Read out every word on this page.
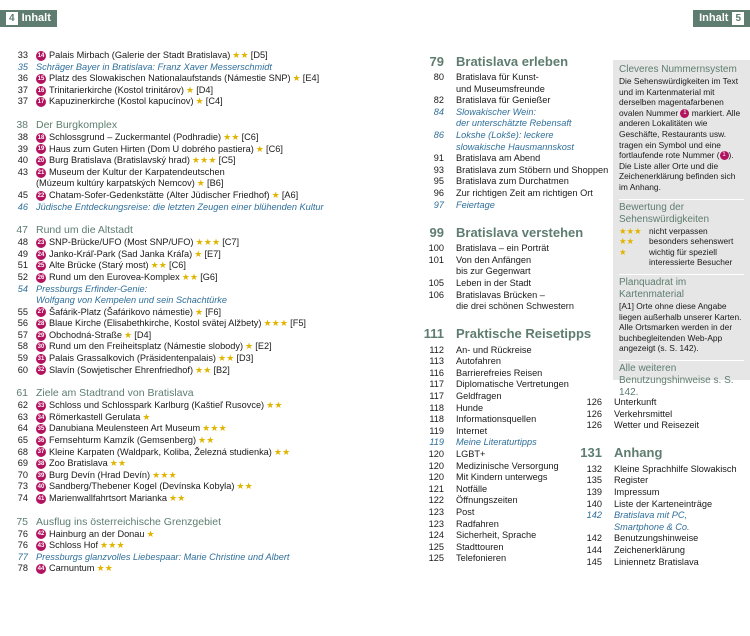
4 Inhalt	Inhalt 5
33 14 Palais Mirbach (Galerie der Stadt Bratislava) ★★ [D5]
35 Schräger Bayer in Bratislava: Franz Xaver Messerschmidt
36 15 Platz des Slowakischen Nationalaufstands (Námestie SNP) ★ [E4]
37 16 Trinitarierkirche (Kostol trinitárov) ★ [D4]
37 17 Kapuzinerkirche (Kostol kapucínov) ★ [C4]
38 Der Burgkomplex
38 18 Schlossgrund – Zuckermantel (Podhradie) ★★ [C6]
39 19 Haus zum Guten Hirten (Dom U dobrého pastiera) ★ [C6]
40 20 Burg Bratislava (Bratislavský hrad) ★★★ [C5]
43 21 Museum der Kultur der Karpatendeutschen
(Múzeum kultúry karpatských Nemcov) ★ [B6]
45 22 Chatam-Sofer-Gedenkstätte (Alter Jüdischer Friedhof) ★ [A6]
46 Jüdische Entdeckungsreise: die letzten Zeugen einer blühenden Kultur
47 Rund um die Altstadt
48 23 SNP-Brücke/UFO (Most SNP/UFO) ★★★ [C7]
49 24 Janko-Kráľ-Park (Sad Janka Kráľa) ★ [E7]
51 25 Alte Brücke (Starý most) ★★ [C6]
52 26 Rund um den Eurovea-Komplex ★★ [G6]
54 Pressburgs Erfinder-Genie:
Wolfgang von Kempelen und sein Schachtürke
55 27 Šafárik-Platz (Šafárikovo námestie) ★ [F6]
56 28 Blaue Kirche (Elisabethkirche, Kostol svätej Alžbety) ★★★ [F5]
57 29 Obchodná-Straße ★ [D4]
58 30 Rund um den Freiheitsplatz (Námestie slobody) ★ [E2]
59 31 Palais Grassalkovich (Präsidentenpalais) ★★ [D3]
60 32 Slavín (Sowjetischer Ehrenfriedhof) ★★ [B2]
61 Ziele am Stadtrand von Bratislava
62 33 Schloss und Schlosspark Karlburg (Kaštieľ Rusovce) ★★
63 34 Römerkastell Gerulata ★
64 35 Danubiana Meulensteen Art Museum ★★★
65 36 Fernsehturm Kamzík (Gemsenberg) ★★
68 37 Kleine Karpaten (Waldpark, Koliba, Železná studienka) ★★
69 38 Zoo Bratislava ★★
70 39 Burg Devín (Hrad Devín) ★★★
73 40 Sandberg/Thebener Kogel (Devínska Kobyla) ★★
74 41 Marienwallfahrtsort Marianka ★★
75 Ausflug ins österreichische Grenzgebiet
76 42 Hainburg an der Donau ★
76 43 Schloss Hof ★★★
77 Pressburgs glanzvolles Liebespaar: Marie Christine und Albert
78 44 Carnuntum ★★
79 Bratislava erleben
80 Bratislava für Kunst-
und Museumsfreunde
82 Bratislava für Genießer
84 Slowakischer Wein:
der unterschätzte Rebensaft
86 Lokshe (Lokše): leckere
slowakische Hausmannskost
91 Bratislava am Abend
93 Bratislava zum Stöbern und Shoppen
95 Bratislava zum Durchatmen
96 Zur richtigen Zeit am richtigen Ort
97 Feiertage
99 Bratislava verstehen
100 Bratislava – ein Porträt
101 Von den Anfängen
bis zur Gegenwart
105 Leben in der Stadt
106 Bratislavas Brücken –
die drei schönen Schwestern
111 Praktische Reisetipps
112 An- und Rückreise
113 Autofahren
116 Barrierefreies Reisen
117 Diplomatische Vertretungen
117 Geldfragen
118 Hunde
118 Informationsquellen
119 Internet
119 Meine Literaturtipps
120 LGBT+
120 Medizinische Versorgung
120 Mit Kindern unterwegs
121 Notfälle
122 Öffnungszeiten
123 Post
123 Radfahren
124 Sicherheit, Sprache
125 Stadttouren
125 Telefonieren
126 Unterkunft
126 Verkehrsmittel
126 Wetter und Reisezeit
131 Anhang
132 Kleine Sprachhilfe Slowakisch
135 Register
139 Impressum
140 Liste der Karteneinträge
142 Bratislava mit PC,
Smartphone & Co.
142 Benutzungshinweise
144 Zeichenerklärung
145 Liniennetz Bratislava
Cleveres Nummernsystem
Die Sehenswürdigkeiten im Text und im Kartenmaterial mit derselben magentafarbenen ovalen Nummer 1 markiert. Alle anderen Lokalitäten wie Geschäfte, Restaurants usw. tragen ein Symbol und eine fortlaufende rote Nummer ( 1 ). Die Liste aller Orte und die Zeichenerklärung befinden sich im Anhang.
Bewertung der Sehenswürdigkeiten
★★★ nicht verpassen
★★	besonders sehenswert
★	wichtig für speziell interessierte Besucher
Planquadrat im Kartenmaterial
[A1] Orte ohne diese Angabe liegen außerhalb unserer Karten. Alle Ortsmarken werden in der buchbegleitenden Web-App angezeigt (s. S. 142).
Alle weiteren Benutzungshinweise s. S. 142.
